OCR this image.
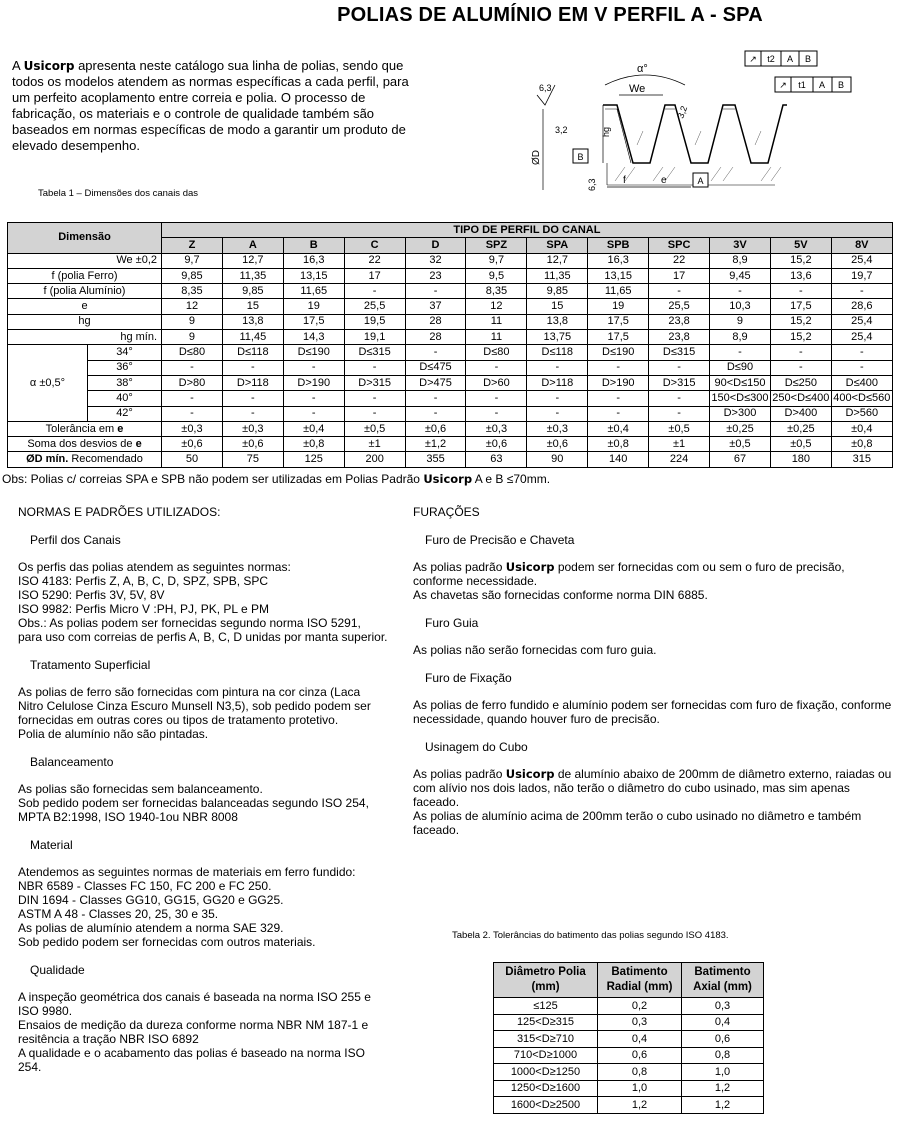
POLIAS DE ALUMÍNIO EM V PERFIL A - SPA
A Usicorp apresenta neste catálogo sua linha de polias, sendo que todos os modelos atendem as normas específicas a cada perfil, para um perfeito acoplamento entre correia e polia. O processo de fabricação, os materiais e o controle de qualidade também são baseados em normas específicas de modo a garantir um produto de elevado desempenho.
↗ t2 A B
↗ t1 A B
α°
We
hg
6,3
3,2
3,2
6,3
ØD	B
f	e	A
Tabela 1 – Dimensões dos canais das
Dimensão		TIPO DE PERFIL DO CANAL											
		Z	A	B	C	D	SPZ	SPA	SPB	SPC	3V	5V	8V
We ±0,2		9,7	12,7	16,3	22	32	9,7	12,7	16,3	22	8,9	15,2	25,4
f (polia Ferro)		9,85	11,35	13,15	17	23	9,5	11,35	13,15	17	9,45	13,6	19,7
f (polia Alumínio)		8,35	9,85	11,65	-	-	8,35	9,85	11,65	-	-	-	-
e		12	15	19	25,5	37	12	15	19	25,5	10,3	17,5	28,6
hg		9	13,8	17,5	19,5	28	11	13,8	17,5	23,8	9	15,2	25,4
hg mín.		9	11,45	14,3	19,1	28	11	13,75	17,5	23,8	8,9	15,2	25,4
α ±0,5°	34°	D≤80	D≤118	D≤190	D≤315	-	D≤80	D≤118	D≤190	D≤315	-	-	-
	36°	-	-	-	-	D≤475	-	-	-	-	D≤90	-	-
	38°	D>80	D>118	D>190	D>315	D>475	D>60	D>118	D>190	D>315	90<D≤150	D≤250	D≤400
	40°	-	-	-	-	-	-	-	-	-	150<D≤300	250<D≤400	400<D≤560
	42°	-	-	-	-	-	-	-	-	-	D>300	D>400	D>560
Tolerância em e		±0,3	±0,3	±0,4	±0,5	±0,6	±0,3	±0,3	±0,4	±0,5	±0,25	±0,25	±0,4
Soma dos desvios de e		±0,6	±0,6	±0,8	±1	±1,2	±0,6	±0,6	±0,8	±1	±0,5	±0,5	±0,8
ØD mín. Recomendado		50	75	125	200	355	63	90	140	224	67	180	315
Obs: Polias c/ correias SPA e SPB não podem ser utilizadas em Polias Padrão Usicorp A e B ≤70mm.

NORMAS E PADRÕES UTILIZADOS:

Perfil dos Canais

Os perfis das polias atendem as seguintes normas:

ISO 4183: Perfis Z, A, B, C, D, SPZ, SPB, SPC

ISO 5290: Perfis 3V, 5V, 8V

ISO 9982: Perfis Micro V :PH, PJ, PK, PL e PM

Obs.: As polias podem ser fornecidas segundo norma ISO 5291, para uso com correias de perfis A, B, C, D unidas por manta superior.

Tratamento Superficial

As polias de ferro são fornecidas com pintura na cor cinza (Laca Nitro Celulose Cinza Escuro Munsell N3,5), sob pedido podem ser fornecidas em outras cores ou tipos de tratamento protetivo.

Polia de alumínio não são pintadas.

Balanceamento

As polias são fornecidas sem balanceamento.

Sob pedido podem ser fornecidas balanceadas segundo ISO 254, MPTA B2:1998, ISO 1940-1ou NBR 8008

Material

Atendemos as seguintes normas de materiais em ferro fundido:

NBR 6589 - Classes FC 150, FC 200 e FC 250.

DIN 1694 - Classes GG10, GG15, GG20 e GG25.

ASTM A 48 - Classes 20, 25, 30 e 35.

As polias de alumínio atendem a norma SAE 329.

Sob pedido podem ser fornecidas com outros materiais.

Qualidade

A inspeção geométrica dos canais é baseada na norma ISO 255 e ISO 9980.

Ensaios de medição da dureza conforme norma NBR NM 187-1 e resitência a tração NBR ISO 6892

A qualidade e o acabamento das polias é baseado na norma ISO 254.

FURAÇÕES

Furo de Precisão e Chaveta

As polias padrão Usicorp podem ser fornecidas com ou sem o furo de precisão, conforme necessidade.

As chavetas são fornecidas conforme norma DIN 6885.

Furo Guia

As polias não serão fornecidas com furo guia.

Furo de Fixação

As polias de ferro fundido e alumínio podem ser fornecidas com furo de fixação, conforme necessidade, quando houver furo de precisão.

Usinagem do Cubo

As polias padrão Usicorp de alumínio abaixo de 200mm de diâmetro externo, raiadas ou com alívio nos dois lados, não terão o diâmetro do cubo usinado, mas sim apenas faceado.

As polias de alumínio acima de 200mm terão o cubo usinado no diâmetro e também faceado.

Tabela 2. Tolerâncias do batimento das polias segundo ISO 4183.
Diâmetro Polia (mm)	Batimento Radial (mm)	Batimento Axial (mm)
≤125	0,2	0,3
125<D≥315	0,3	0,4
315<D≥710	0,4	0,6
710<D≥1000	0,6	0,8
1000<D≥1250	0,8	1,0
1250<D≥1600	1,0	1,2
1600<D≥2500	1,2	1,2
